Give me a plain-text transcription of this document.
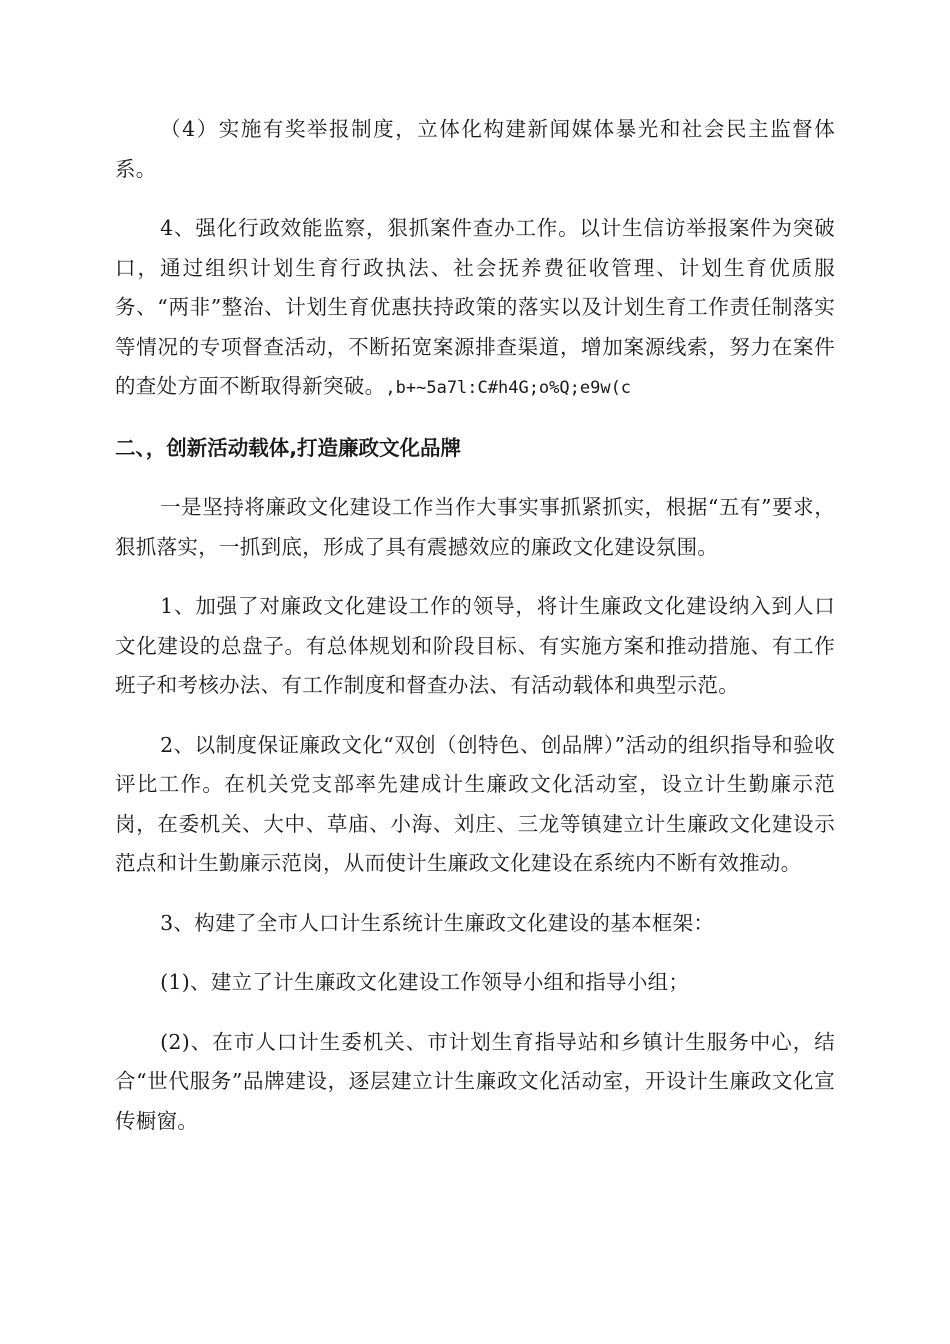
（4）实施有奖举报制度，立体化构建新闻媒体暴光和社会民主监督体系。

4、强化行政效能监察，狠抓案件查办工作。以计生信访举报案件为突破口，通过组织计划生育行政执法、社会抚养费征收管理、计划生育优质服务、“两非”整治、计划生育优惠扶持政策的落实以及计划生育工作责任制落实等情况的专项督查活动，不断拓宽案源排查渠道，增加案源线索，努力在案件的查处方面不断取得新突破。,b+~5a7l:C#h4G;o%Q;e9w(c

二、，创新活动载体,打造廉政文化品牌

一是坚持将廉政文化建设工作当作大事实事抓紧抓实，根据“五有”要求，狠抓落实，一抓到底，形成了具有震撼效应的廉政文化建设氛围。

1、加强了对廉政文化建设工作的领导，将计生廉政文化建设纳入到人口文化建设的总盘子。有总体规划和阶段目标、有实施方案和推动措施、有工作班子和考核办法、有工作制度和督查办法、有活动载体和典型示范。

2、以制度保证廉政文化“双创（创特色、创品牌）”活动的组织指导和验收评比工作。在机关党支部率先建成计生廉政文化活动室，设立计生勤廉示范岗，在委机关、大中、草庙、小海、刘庄、三龙等镇建立计生廉政文化建设示范点和计生勤廉示范岗，从而使计生廉政文化建设在系统内不断有效推动。

3、构建了全市人口计生系统计生廉政文化建设的基本框架：

(1)、建立了计生廉政文化建设工作领导小组和指导小组；

(2)、在市人口计生委机关、市计划生育指导站和乡镇计生服务中心，结合“世代服务”品牌建设，逐层建立计生廉政文化活动室，开设计生廉政文化宣传橱窗。
